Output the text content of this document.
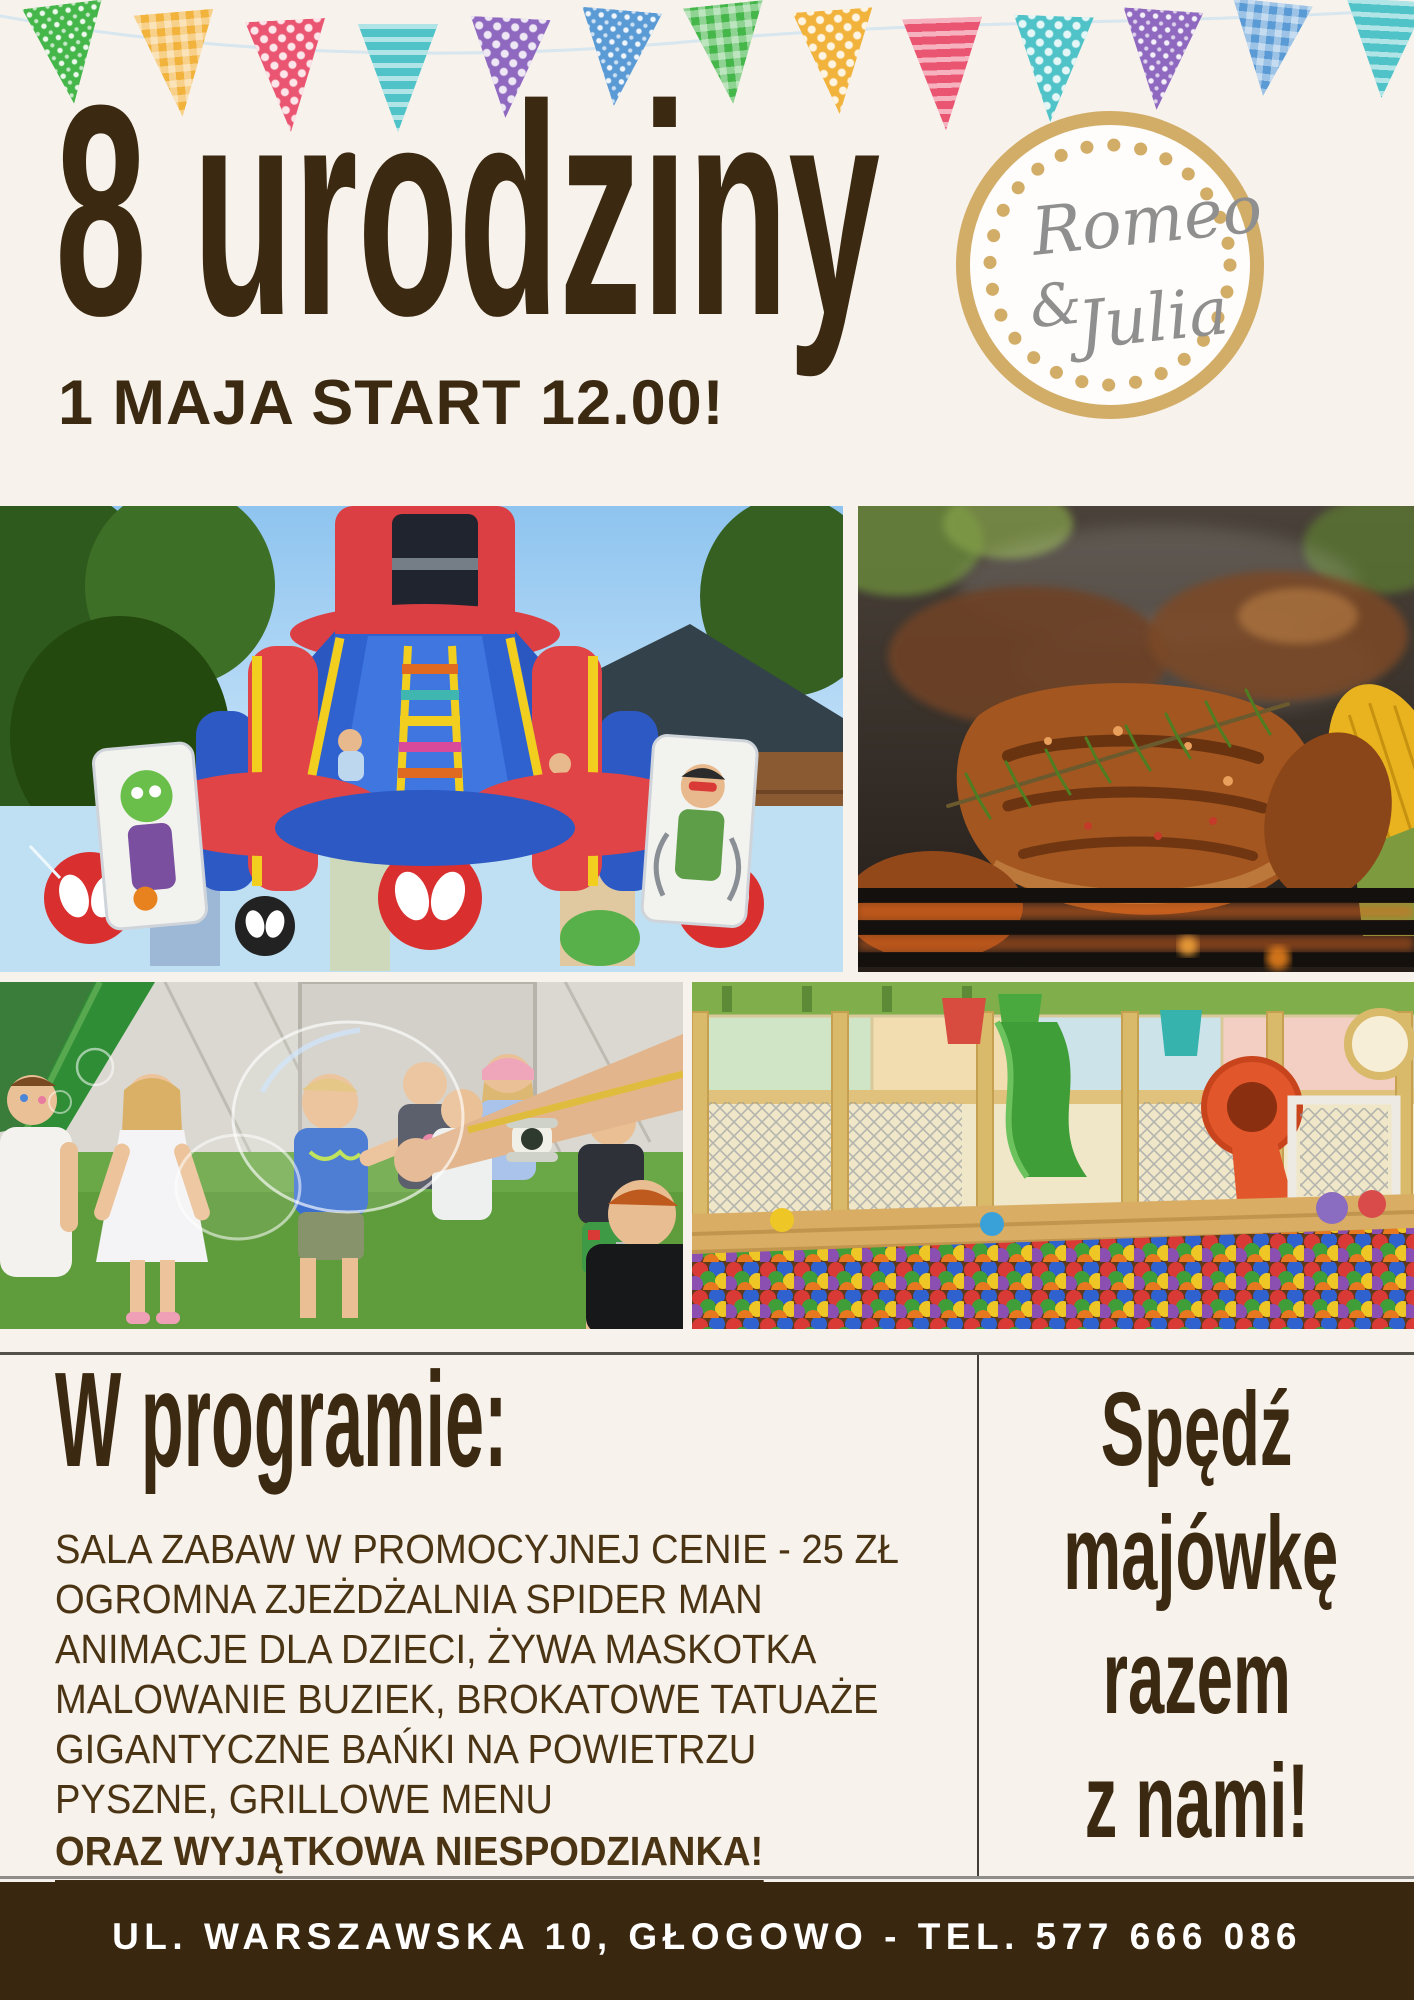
8 urodziny
1 MAJA START 12.00!
Romeo
&
Julia
W programie:
SALA ZABAW W PROMOCYJNEJ CENIE - 25 ZŁ
OGROMNA ZJEŻDŻALNIA SPIDER MAN
ANIMACJE DLA DZIECI, ŻYWA MASKOTKA
MALOWANIE BUZIEK, BROKATOWE TATUAŻE
GIGANTYCZNE BAŃKI NA POWIETRZU
PYSZNE, GRILLOWE MENU
ORAZ WYJĄTKOWA NIESPODZIANKA!
Spędź
majówkę
razem
z nami!
UL. WARSZAWSKA 10, GŁOGOWO - TEL. 577 666 086
